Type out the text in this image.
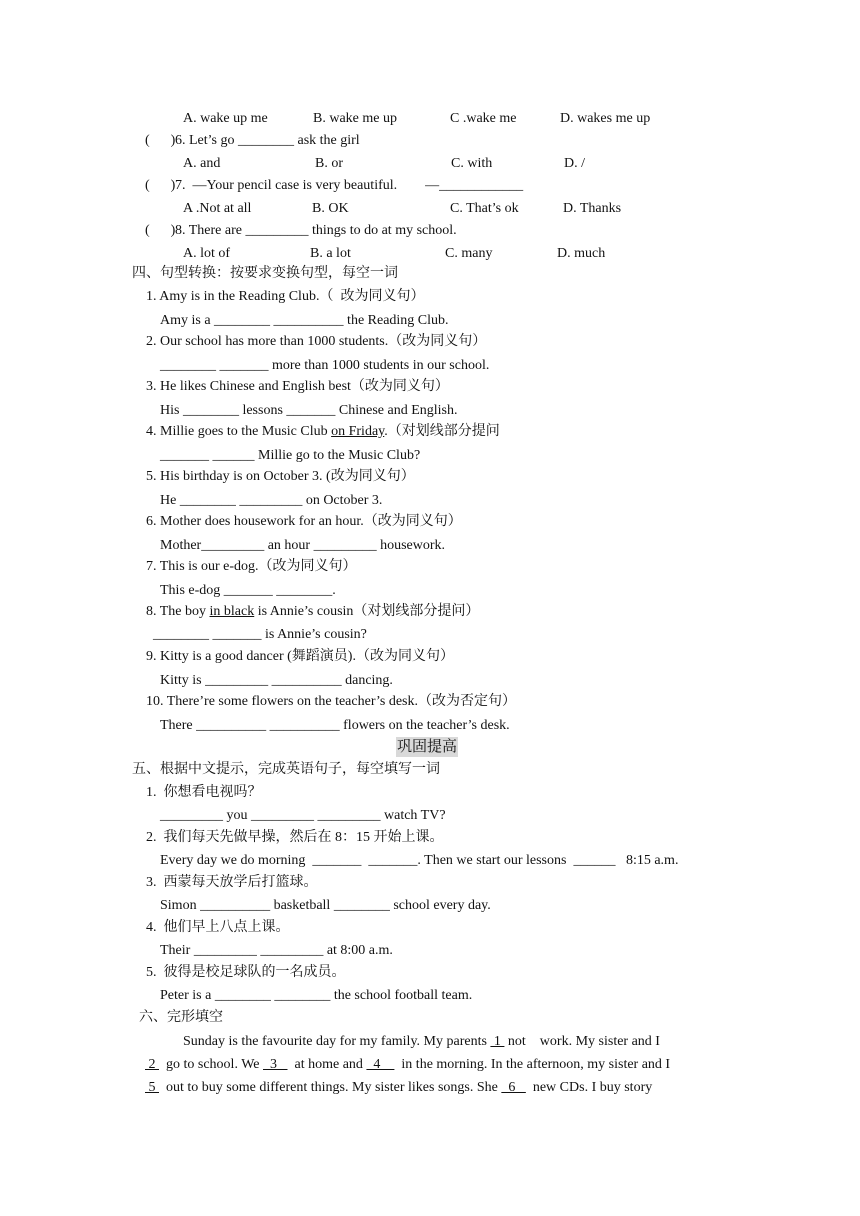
A. wake up me	B. wake me up	C .wake me	D. wakes me up
(      ) 6. Let’s go ________ ask the girl
A. and	B. or	C. with	D. /
(      ) 7.  —Your pencil case is very beautiful.        —____________
A .Not at all	B. OK	C. That’s ok	D. Thanks
(      ) 8. There are _________ things to do at my school.
A. lot of	B. a lot	C. many	D. much
四、句型转换：按要求变换句型，每空一词
1. Amy is in the Reading Club.（  改为同义句）
Amy is a ________ __________ the Reading Club.
2. Our school has more than 1000 students.（改为同义句）
________ _______ more than 1000 students in our school.
3. He likes Chinese and English best（改为同义句）
His ________ lessons _______ Chinese and English.
4. Millie goes to the Music Club on Friday.（对划线部分提问
_______ ______ Millie go to the Music Club?
5. His birthday is on October 3. (改为同义句）
He ________ _________ on October 3.
6. Mother does housework for an hour.（改为同义句）
Mother_________ an hour _________ housework.
7. This is our e-dog.（改为同义句）
This e-dog _______ ________.
8. The boy in black is Annie’s cousin（对划线部分提问）
________ _______ is Annie’s cousin?
9. Kitty is a good dancer (舞蹈演员).（改为同义句）
Kitty is _________ __________ dancing.
10. There’re some flowers on the teacher’s desk.（改为否定句）
There __________ __________ flowers on the teacher’s desk.
巩固提高
五、根据中文提示，完成英语句子，每空填写一词
1.  你想看电视吗？
_________ you _________ _________ watch TV?
2.  我们每天先做早操，然后在 8：15 开始上课。
Every day we do morning  _______  _______. Then we start our lessons  ______   8:15 a.m.
3.  西蒙每天放学后打篮球。
Simon __________ basketball ________ school every day.
4.  他们早上八点上课。
Their _________ _________ at 8:00 a.m.
5.  彼得是校足球队的一名成员。
Peter is a ________ ________ the school football team.
六、完形填空
Sunday is the favourite day for my family. My parents  1  not    work. My sister and I
2   go to school. We   3     at home and   4      in the morning. In the afternoon, my sister and I
5   out to buy some different things. My sister likes songs. She   6     new CDs. I buy story
